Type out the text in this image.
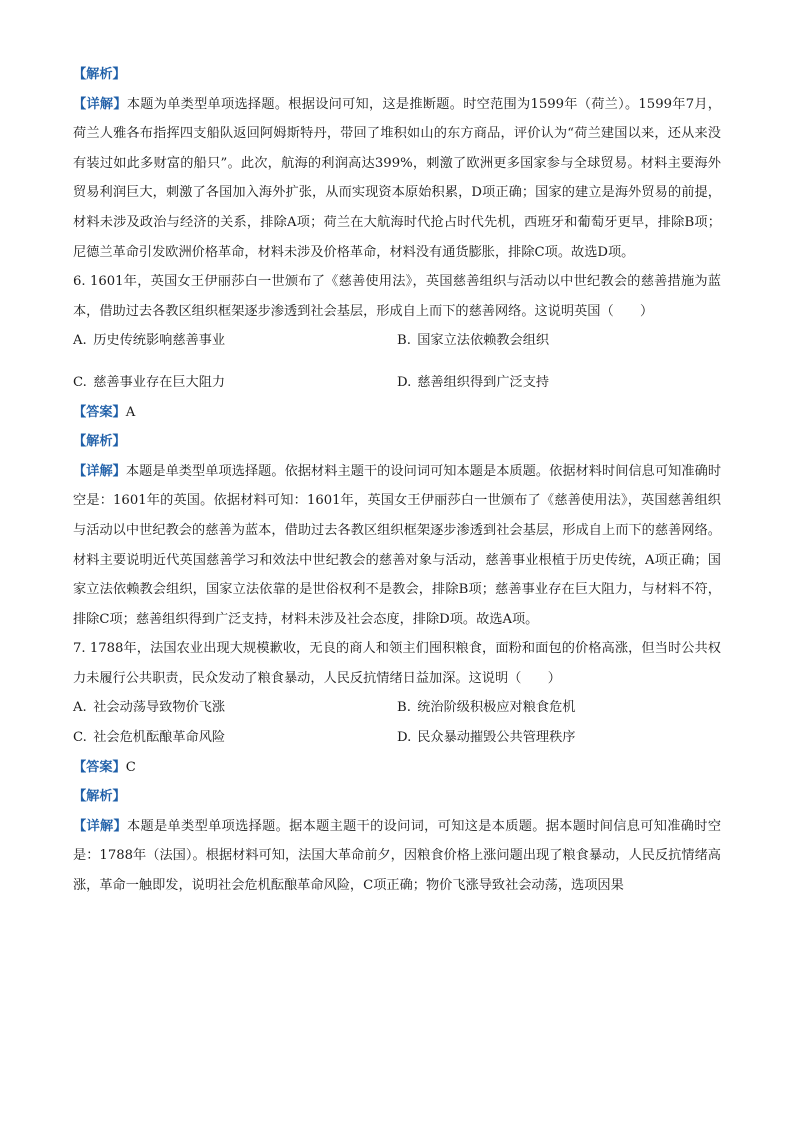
【解析】
【详解】本题为单类型单项选择题。根据设问可知，这是推断题。时空范围为1599年（荷兰）。1599年7月，荷兰人雅各布指挥四支船队返回阿姆斯特丹，带回了堆积如山的东方商品，评价认为“荷兰建国以来，还从来没有装过如此多财富的船只”。此次，航海的利润高达399%，刺激了欧洲更多国家参与全球贸易。材料主要海外贸易利润巨大，刺激了各国加入海外扩张，从而实现资本原始积累，D项正确；国家的建立是海外贸易的前提，材料未涉及政治与经济的关系，排除A项；荷兰在大航海时代抢占时代先机，西班牙和葡萄牙更早，排除B项；尼德兰革命引发欧洲价格革命，材料未涉及价格革命，材料没有通货膨胀，排除C项。故选D项。
6. 1601年，英国女王伊丽莎白一世颁布了《慈善使用法》，英国慈善组织与活动以中世纪教会的慈善措施为蓝本，借助过去各教区组织框架逐步渗透到社会基层，形成自上而下的慈善网络。这说明英国（　　）
A. 历史传统影响慈善事业	B. 国家立法依赖教会组织
C. 慈善事业存在巨大阻力	D. 慈善组织得到广泛支持
【答案】A
【解析】
【详解】本题是单类型单项选择题。依据材料主题干的设问词可知本题是本质题。依据材料时间信息可知准确时空是：1601年的英国。依据材料可知：1601年，英国女王伊丽莎白一世颁布了《慈善使用法》，英国慈善组织与活动以中世纪教会的慈善为蓝本，借助过去各教区组织框架逐步渗透到社会基层，形成自上而下的慈善网络。材料主要说明近代英国慈善学习和效法中世纪教会的慈善对象与活动，慈善事业根植于历史传统，A项正确；国家立法依赖教会组织，国家立法依靠的是世俗权利不是教会，排除B项；慈善事业存在巨大阻力，与材料不符，排除C项；慈善组织得到广泛支持，材料未涉及社会态度，排除D项。故选A项。
7. 1788年，法国农业出现大规模歉收，无良的商人和领主们囤积粮食，面粉和面包的价格高涨，但当时公共权力未履行公共职责，民众发动了粮食暴动，人民反抗情绪日益加深。这说明（　　）
A. 社会动荡导致物价飞涨	B. 统治阶级积极应对粮食危机
C. 社会危机酝酿革命风险	D. 民众暴动摧毁公共管理秩序
【答案】C
【解析】
【详解】本题是单类型单项选择题。据本题主题干的设问词，可知这是本质题。据本题时间信息可知准确时空是：1788年（法国）。根据材料可知，法国大革命前夕，因粮食价格上涨问题出现了粮食暴动，人民反抗情绪高涨，革命一触即发，说明社会危机酝酿革命风险，C项正确；物价飞涨导致社会动荡，选项因果
